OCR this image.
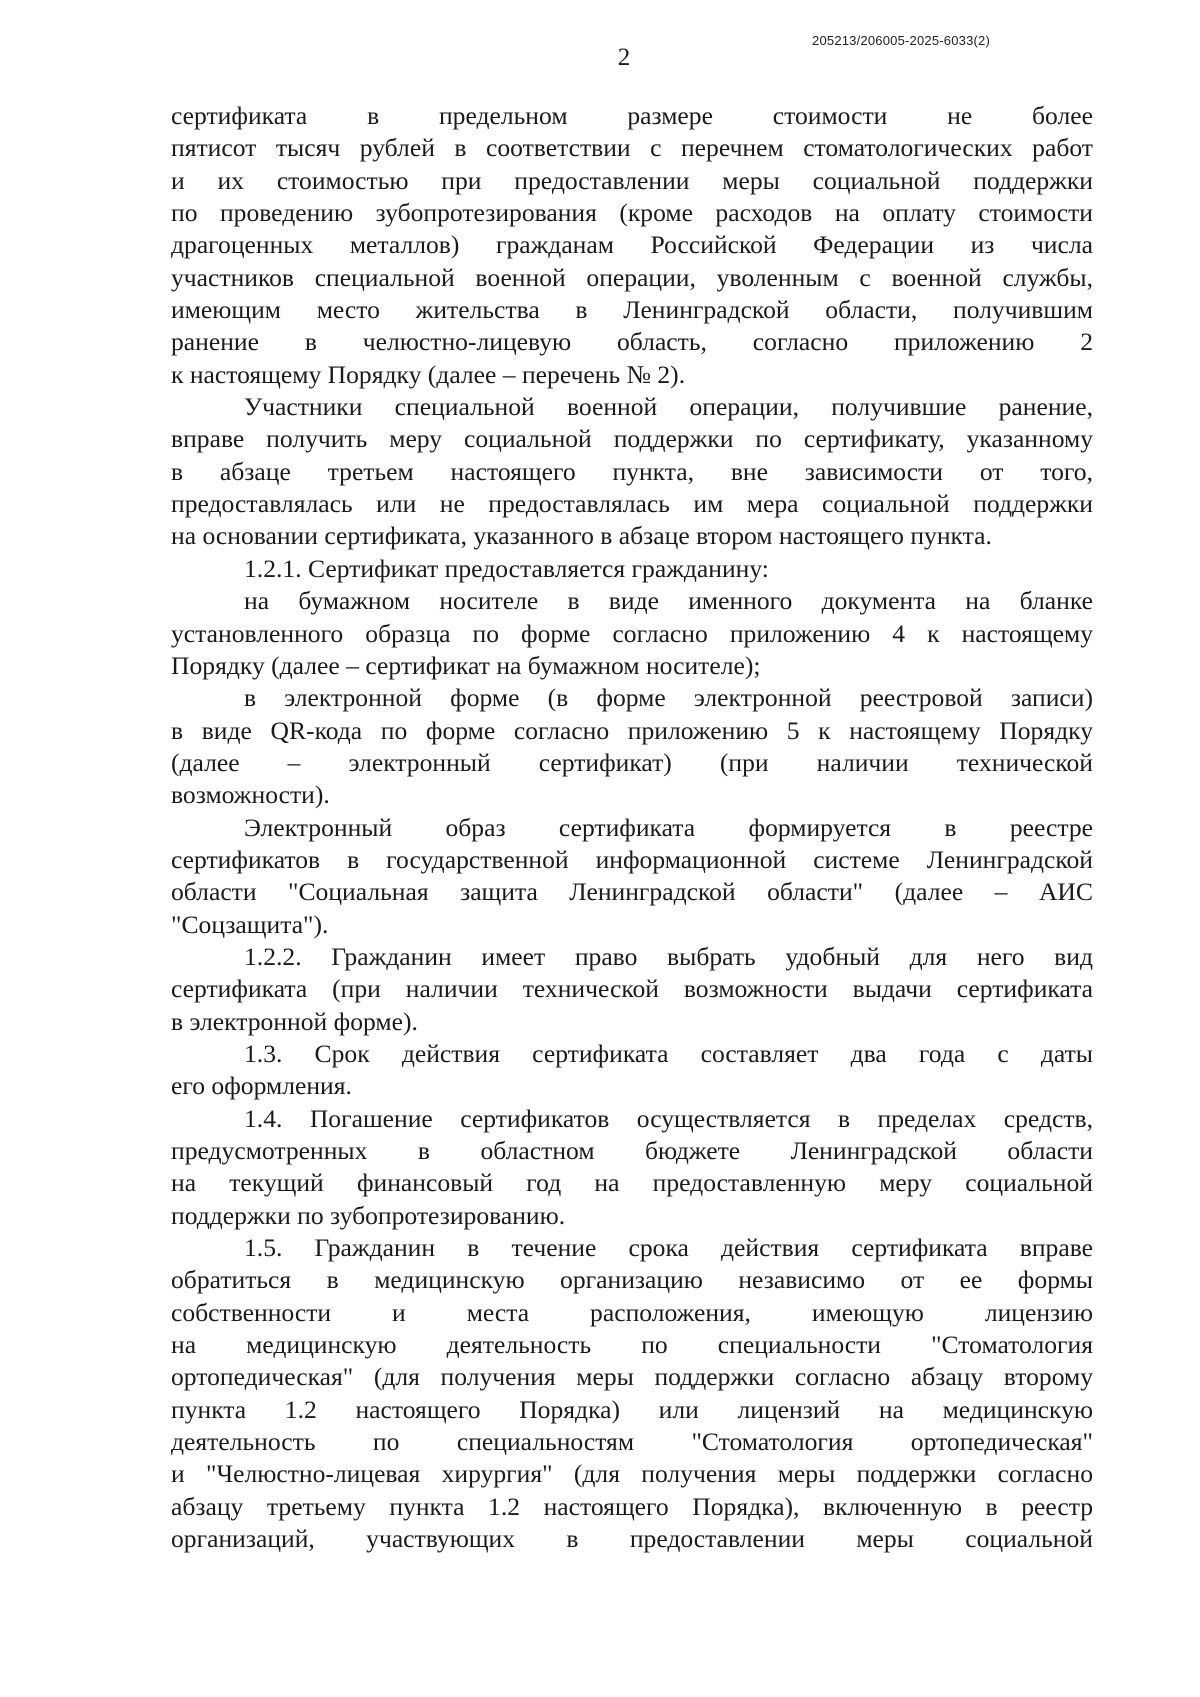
205213/206005-2025-6033(2)
2
сертификата в предельном размере стоимости не более
пятисот тысяч рублей в соответствии с перечнем стоматологических работ
и их стоимостью при предоставлении меры социальной поддержки
по проведению зубопротезирования (кроме расходов на оплату стоимости
драгоценных металлов) гражданам Российской Федерации из числа
участников специальной военной операции, уволенным с военной службы,
имеющим место жительства в Ленинградской области, получившим
ранение в челюстно-лицевую область, согласно приложению 2
к настоящему Порядку (далее – перечень № 2).
Участники специальной военной операции, получившие ранение,
вправе получить меру социальной поддержки по сертификату, указанному
в абзаце третьем настоящего пункта, вне зависимости от того,
предоставлялась или не предоставлялась им мера социальной поддержки
на основании сертификата, указанного в абзаце втором настоящего пункта.
1.2.1. Сертификат предоставляется гражданину:
на бумажном носителе в виде именного документа на бланке
установленного образца по форме согласно приложению 4 к настоящему
Порядку (далее – сертификат на бумажном носителе);
в электронной форме (в форме электронной реестровой записи)
в виде QR-кода по форме согласно приложению 5 к настоящему Порядку
(далее – электронный сертификат) (при наличии технической
возможности).
Электронный образ сертификата формируется в реестре
сертификатов в государственной информационной системе Ленинградской
области "Социальная защита Ленинградской области" (далее – АИС
"Соцзащита").
1.2.2. Гражданин имеет право выбрать удобный для него вид
сертификата (при наличии технической возможности выдачи сертификата
в электронной форме).
1.3. Срок действия сертификата составляет два года с даты
его оформления.
1.4. Погашение сертификатов осуществляется в пределах средств,
предусмотренных в областном бюджете Ленинградской области
на текущий финансовый год на предоставленную меру социальной
поддержки по зубопротезированию.
1.5. Гражданин в течение срока действия сертификата вправе
обратиться в медицинскую организацию независимо от ее формы
собственности и места расположения, имеющую лицензию
на медицинскую деятельность по специальности "Стоматология
ортопедическая" (для получения меры поддержки согласно абзацу второму
пункта 1.2 настоящего Порядка) или лицензий на медицинскую
деятельность по специальностям "Стоматология ортопедическая"
и "Челюстно-лицевая хирургия" (для получения меры поддержки согласно
абзацу третьему пункта 1.2 настоящего Порядка), включенную в реестр
организаций, участвующих в предоставлении меры социальной
